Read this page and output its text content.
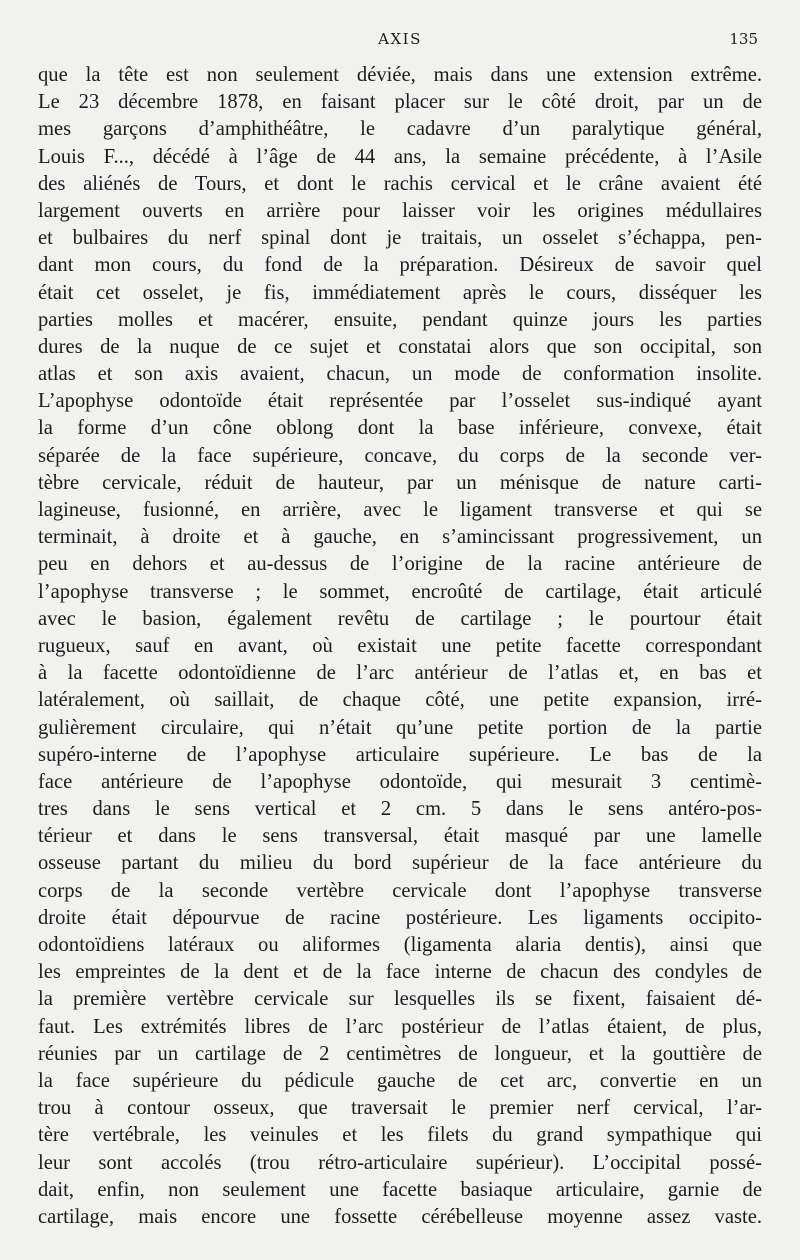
AXIS	135
que la tête est non seulement déviée, mais dans une extension extrême.
Le 23 décembre 1878, en faisant placer sur le côté droit, par un de
mes garçons d’amphithéâtre, le cadavre d’un paralytique général,
Louis F..., décédé à l’âge de 44 ans, la semaine précédente, à l’Asile
des aliénés de Tours, et dont le rachis cervical et le crâne avaient été
largement ouverts en arrière pour laisser voir les origines médullaires
et bulbaires du nerf spinal dont je traitais, un osselet s’échappa, pen-
dant mon cours, du fond de la préparation. Désireux de savoir quel
était cet osselet, je fis, immédiatement après le cours, disséquer les
parties molles et macérer, ensuite, pendant quinze jours les parties
dures de la nuque de ce sujet et constatai alors que son occipital, son
atlas et son axis avaient, chacun, un mode de conformation insolite.
L’apophyse odontoïde était représentée par l’osselet sus-indiqué ayant
la forme d’un cône oblong dont la base inférieure, convexe, était
séparée de la face supérieure, concave, du corps de la seconde ver-
tèbre cervicale, réduit de hauteur, par un ménisque de nature carti-
lagineuse, fusionné, en arrière, avec le ligament transverse et qui se
terminait, à droite et à gauche, en s’amincissant progressivement, un
peu en dehors et au-dessus de l’origine de la racine antérieure de
l’apophyse transverse ; le sommet, encroûté de cartilage, était articulé
avec le basion, également revêtu de cartilage ; le pourtour était
rugueux, sauf en avant, où existait une petite facette correspondant
à la facette odontoïdienne de l’arc antérieur de l’atlas et, en bas et
latéralement, où saillait, de chaque côté, une petite expansion, irré-
gulièrement circulaire, qui n’était qu’une petite portion de la partie
supéro-interne de l’apophyse articulaire supérieure. Le bas de la
face antérieure de l’apophyse odontoïde, qui mesurait 3 centimè-
tres dans le sens vertical et 2 cm. 5 dans le sens antéro-pos-
térieur et dans le sens transversal, était masqué par une lamelle
osseuse partant du milieu du bord supérieur de la face antérieure du
corps de la seconde vertèbre cervicale dont l’apophyse transverse
droite était dépourvue de racine postérieure. Les ligaments occipito-
odontoïdiens latéraux ou aliformes (ligamenta alaria dentis), ainsi que
les empreintes de la dent et de la face interne de chacun des condyles de
la première vertèbre cervicale sur lesquelles ils se fixent, faisaient dé-
faut. Les extrémités libres de l’arc postérieur de l’atlas étaient, de plus,
réunies par un cartilage de 2 centimètres de longueur, et la gouttière de
la face supérieure du pédicule gauche de cet arc, convertie en un
trou à contour osseux, que traversait le premier nerf cervical, l’ar-
tère vertébrale, les veinules et les filets du grand sympathique qui
leur sont accolés (trou rétro-articulaire supérieur). L’occipital possé-
dait, enfin, non seulement une facette basiaque articulaire, garnie de
cartilage, mais encore une fossette cérébelleuse moyenne assez vaste.
